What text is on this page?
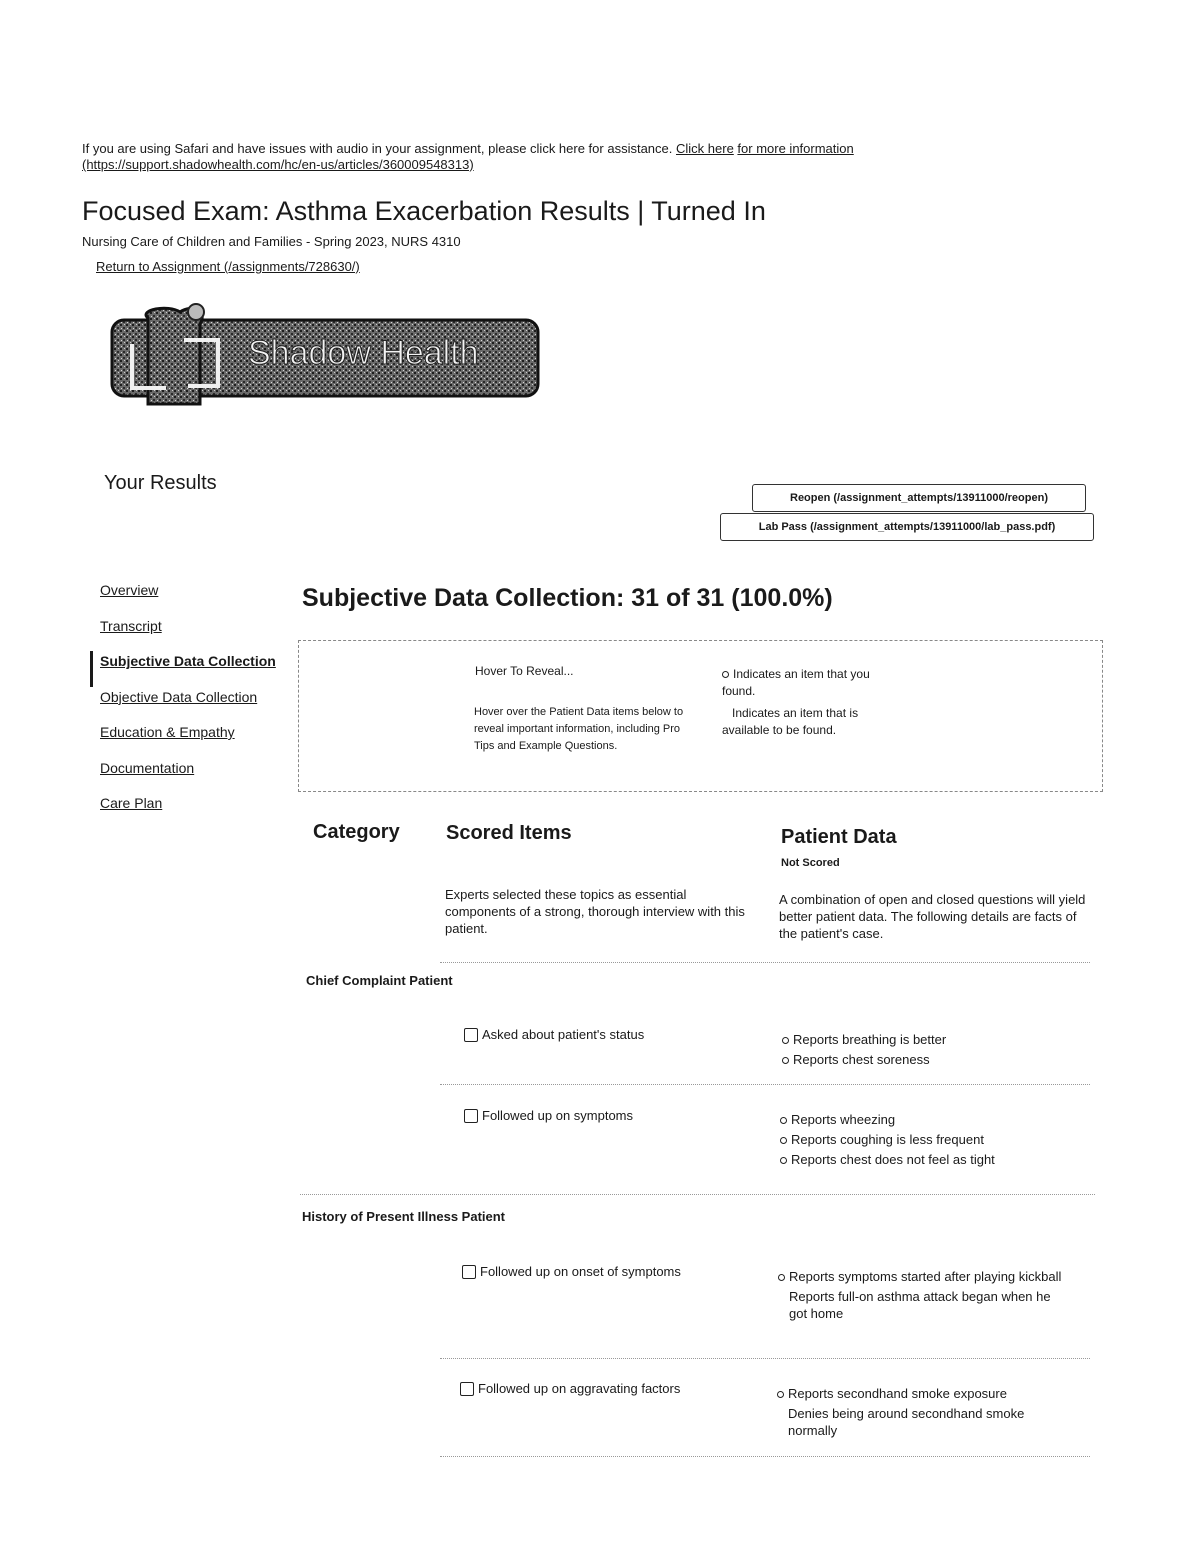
If you are using Safari and have issues with audio in your assignment, please click here for assistance. Click here for more information
(https://support.shadowhealth.com/hc/en-us/articles/360009548313)
Focused Exam: Asthma Exacerbation Results | Turned In
Nursing Care of Children and Families - Spring 2023, NURS 4310
Return to Assignment (/assignments/728630/)
Shadow Health
Your Results
Reopen (/assignment_attempts/13911000/reopen)
Lab Pass (/assignment_attempts/13911000/lab_pass.pdf)
Overview
Transcript
Subjective Data Collection
Objective Data Collection
Education & Empathy
Documentation
Care Plan
Subjective Data Collection: 31 of 31 (100.0%)
Hover To Reveal...
Hover over the Patient Data items below to reveal important information, including Pro Tips and Example Questions.
Indicates an item that you found.
Indicates an item that is available to be found.
Category Scored Items	Patient Data
Not Scored
Experts selected these topics as essential components of a strong, thorough interview with this patient.
A combination of open and closed questions will yield better patient data. The following details are facts of the patient's case.
Chief Complaint Patient
Asked about patient's status	Reports breathing is better
Reports chest soreness
Followed up on symptoms	Reports wheezing
Reports coughing is less frequent
Reports chest does not feel as tight
History of Present Illness Patient
Followed up on onset of symptoms	Reports symptoms started after playing kickball
Reports full-on asthma attack began when he got home
Followed up on aggravating factors	Reports secondhand smoke exposure
Denies being around secondhand smoke normally
